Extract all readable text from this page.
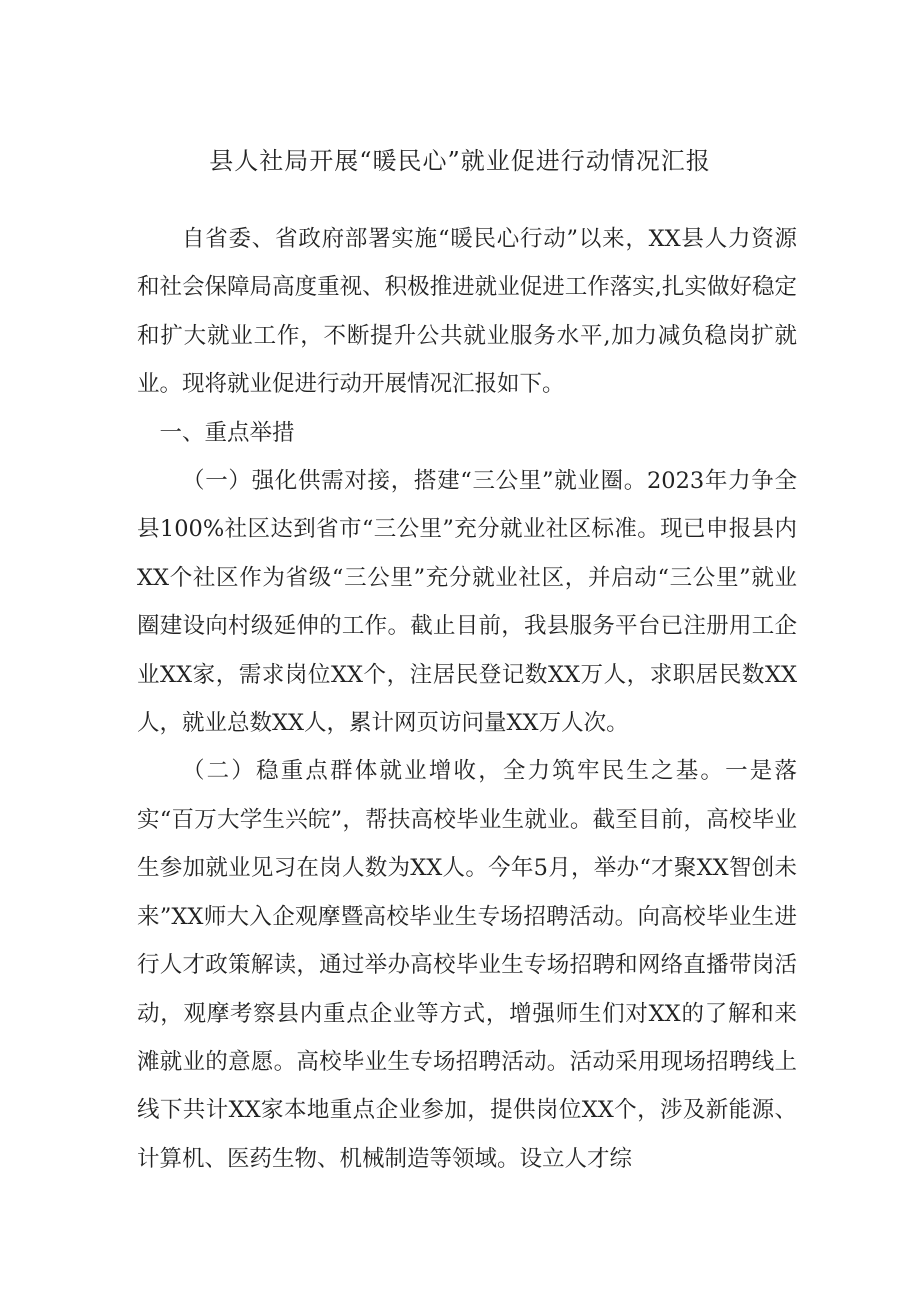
县人社局开展“暖民心”就业促进行动情况汇报

自省委、省政府部署实施“暖民心行动”以来，XX县人力资源和社会保障局高度重视、积极推进就业促进工作落实,扎实做好稳定和扩大就业工作，不断提升公共就业服务水平,加力减负稳岗扩就业。现将就业促进行动开展情况汇报如下。

一、重点举措

（一）强化供需对接，搭建“三公里”就业圈。2023年力争全县100%社区达到省市“三公里”充分就业社区标准。现已申报县内XX个社区作为省级“三公里”充分就业社区，并启动“三公里”就业圈建设向村级延伸的工作。截止目前，我县服务平台已注册用工企业XX家，需求岗位XX个，注居民登记数XX万人，求职居民数XX人，就业总数XX人，累计网页访问量XX万人次。

（二）稳重点群体就业增收，全力筑牢民生之基。一是落实“百万大学生兴皖”，帮扶高校毕业生就业。截至目前，高校毕业生参加就业见习在岗人数为XX人。今年5月，举办“才聚XX智创未来”XX师大入企观摩暨高校毕业生专场招聘活动。向高校毕业生进行人才政策解读，通过举办高校毕业生专场招聘和网络直播带岗活动，观摩考察县内重点企业等方式，增强师生们对XX的了解和来滩就业的意愿。高校毕业生专场招聘活动。活动采用现场招聘线上线下共计XX家本地重点企业参加，提供岗位XX个，涉及新能源、计算机、医药生物、机械制造等领域。设立人才综
